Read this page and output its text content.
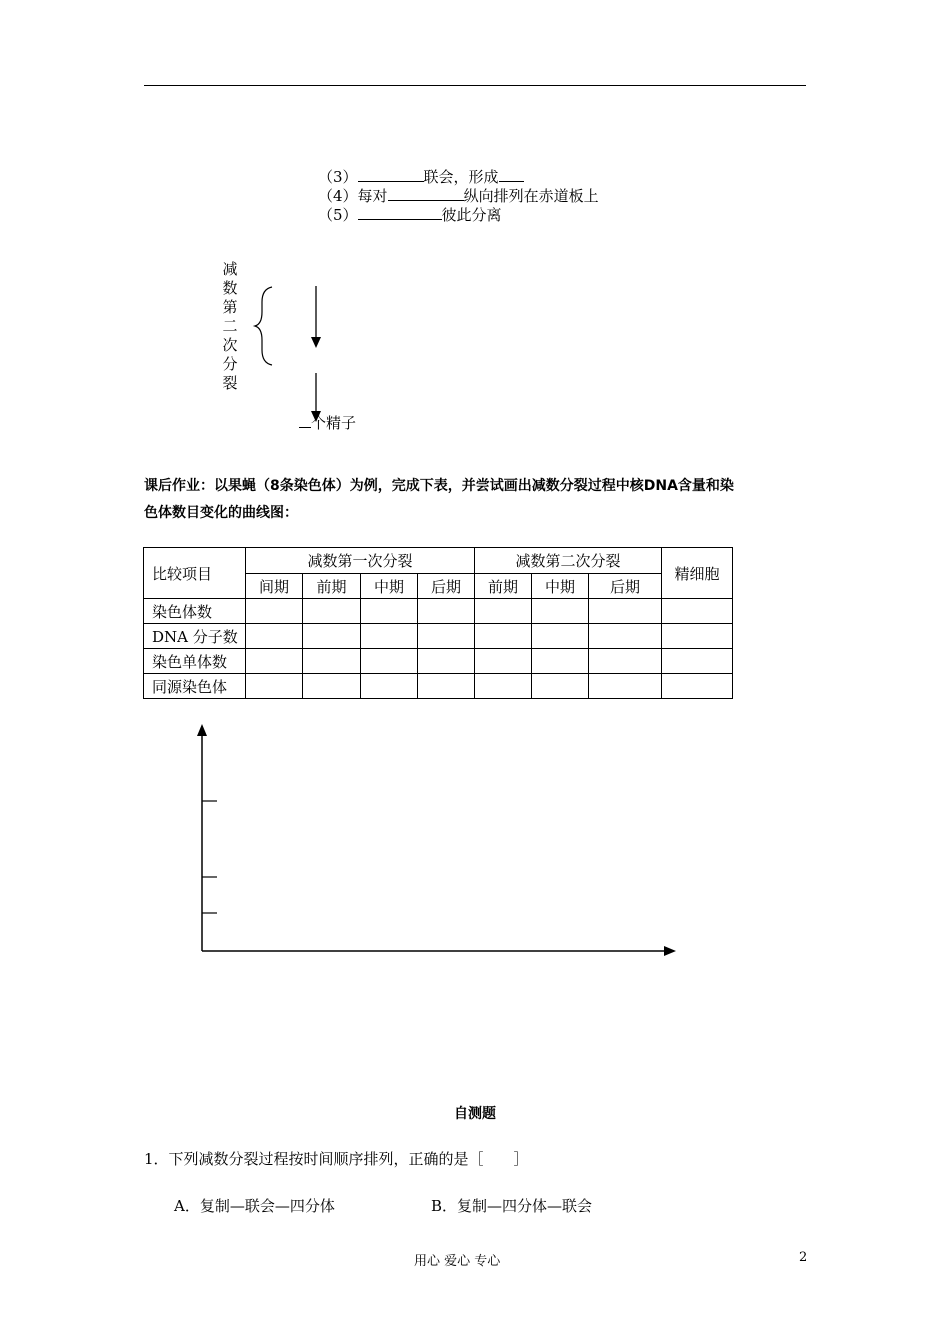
（3）	联会，形成
（4）每对	纵向排列在赤道板上
（5）	彼此分离
减
数
第
二
次
分
裂
个精子
课后作业：以果蝇（8条染色体）为例，完成下表，并尝试画出减数分裂过程中核DNA含量和染
色体数目变化的曲线图：
比较项目	减数第一次分裂				减数第二次分裂			精细胞
	间期	前期	中期	后期	前期	中期	后期	
染色体数								
DNA 分子数								
染色单体数								
同源染色体								
自测题
1．下列减数分裂过程按时间顺序排列，正确的是［　　］
A．复制—联会—四分体	B．复制—四分体—联会
用心 爱心 专心	2
